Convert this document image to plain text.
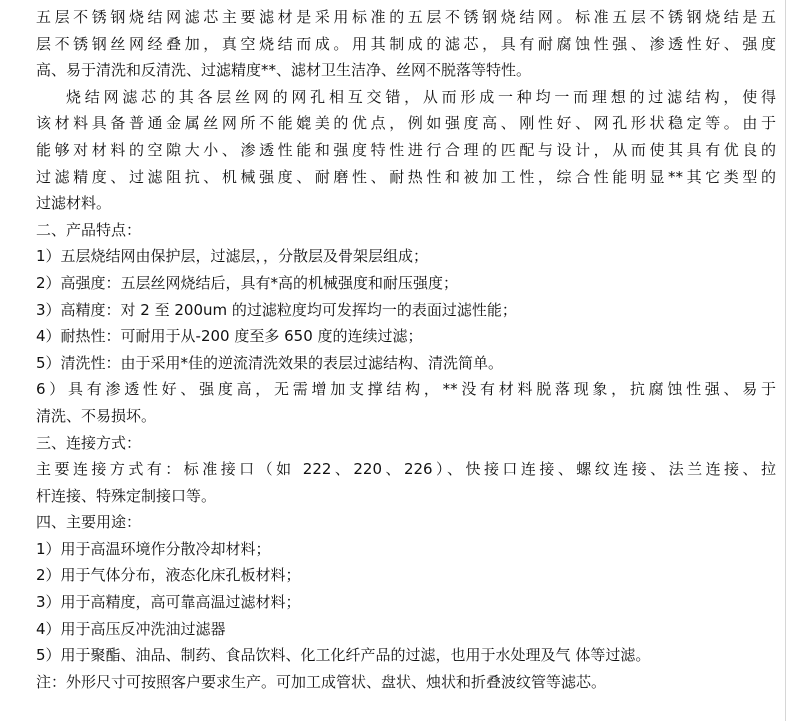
五层不锈钢烧结网滤芯主要滤材是采用标准的五层不锈钢烧结网。标准五层不锈钢烧结是五
层不锈钢丝网经叠加，真空烧结而成。用其制成的滤芯，具有耐腐蚀性强、渗透性好、强度
高、易于清洗和反清洗、过滤精度**、滤材卫生洁净、丝网不脱落等特性。
烧结网滤芯的其各层丝网的网孔相互交错，从而形成一种均一而理想的过滤结构，使得
该材料具备普通金属丝网所不能媲美的优点，例如强度高、刚性好、网孔形状稳定等。由于
能够对材料的空隙大小、渗透性能和强度特性进行合理的匹配与设计，从而使其具有优良的
过滤精度、过滤阻抗、机械强度、耐磨性、耐热性和被加工性，综合性能明显**其它类型的
过滤材料。
二、产品特点：
1）五层烧结网由保护层，过滤层，，分散层及骨架层组成；
2）高强度：五层丝网烧结后，具有*高的机械强度和耐压强度；
3）高精度：对 2 至 200um 的过滤粒度均可发挥均一的表面过滤性能；
4）耐热性：可耐用于从-200 度至多 650 度的连续过滤；
5）清洗性：由于采用*佳的逆流清洗效果的表层过滤结构、清洗简单。
6）具有渗透性好、强度高，无需增加支撑结构，**没有材料脱落现象，抗腐蚀性强、易于
清洗、不易损坏。
三、连接方式：
主要连接方式有：标准接口（如 222、220、226）、快接口连接、螺纹连接、法兰连接、拉
杆连接、特殊定制接口等。
四、主要用途：
1）用于高温环境作分散冷却材料；
2）用于气体分布，液态化床孔板材料；
3）用于高精度，高可靠高温过滤材料；
4）用于高压反冲洗油过滤器
5）用于聚酯、油品、制药、食品饮料、化工化纤产品的过滤，也用于水处理及气 体等过滤。
注：外形尺寸可按照客户要求生产。可加工成管状、盘状、烛状和折叠波纹管等滤芯。
